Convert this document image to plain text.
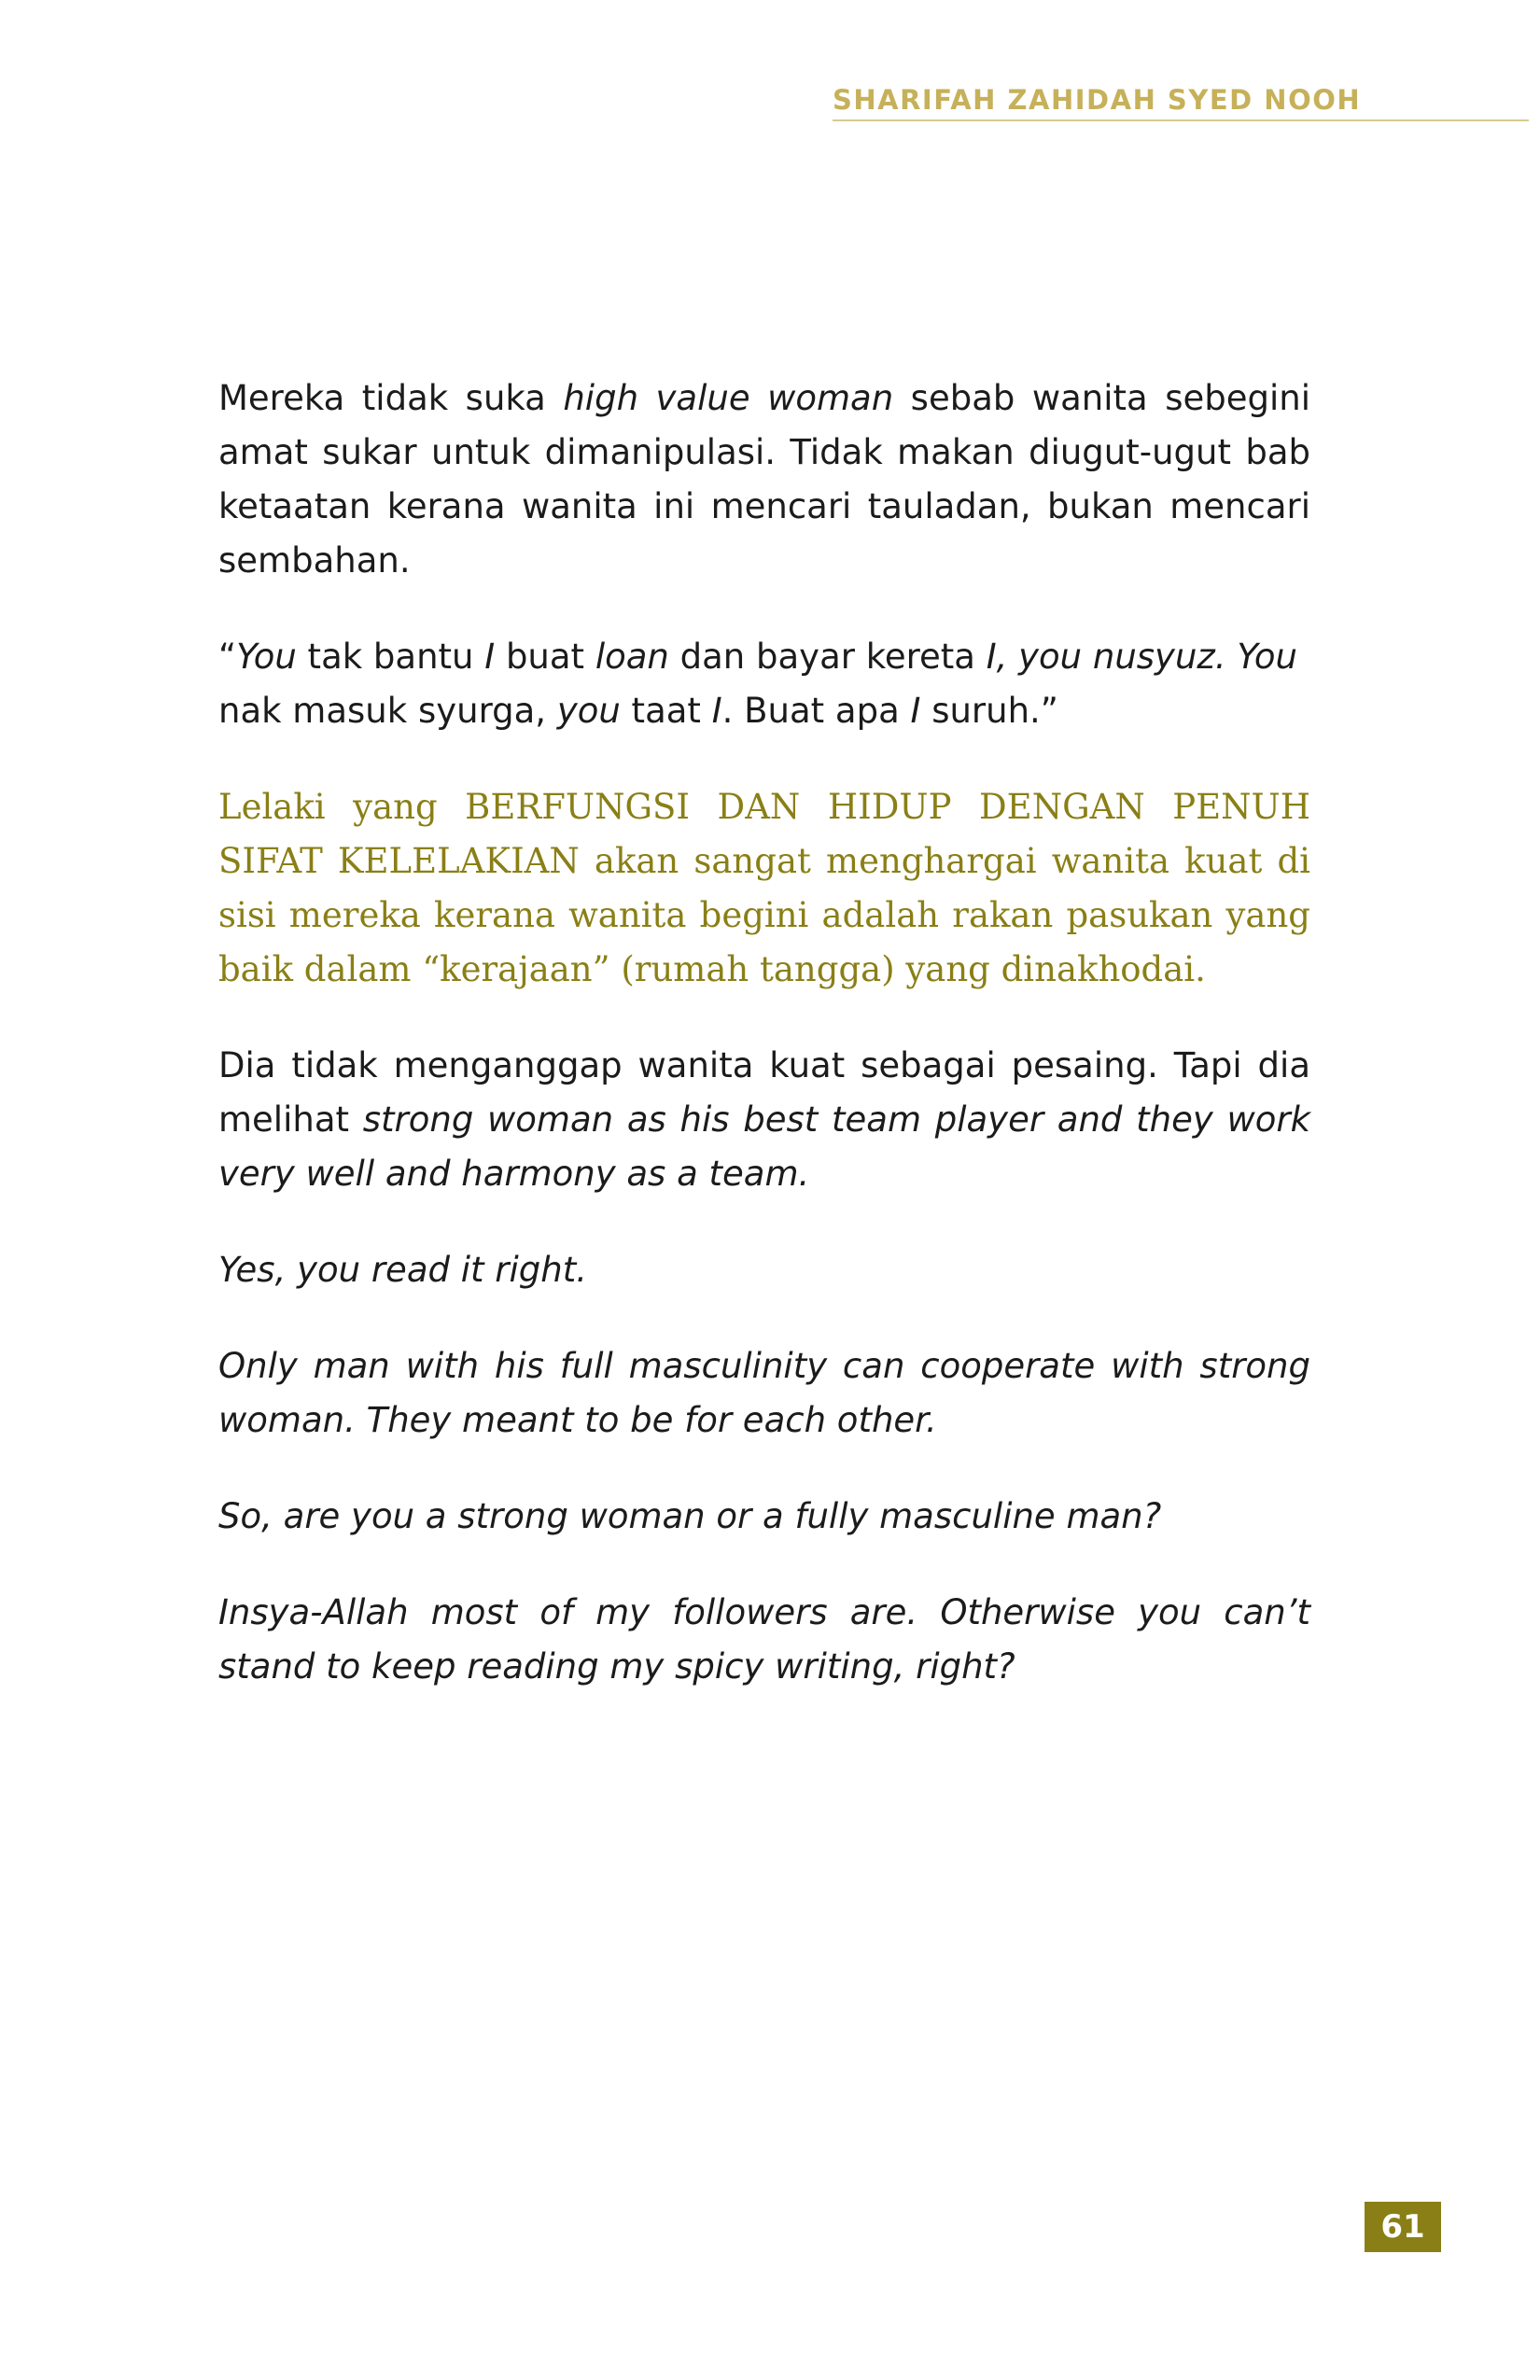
SHARIFAH ZAHIDAH SYED NOOH

Mereka tidak suka high value woman sebab wanita sebegini amat sukar untuk dimanipulasi. Tidak makan diugut-ugut bab ketaatan kerana wanita ini mencari tauladan, bukan mencari sembahan.

“You tak bantu I buat loan dan bayar kereta I, you nusyuz. You nak masuk syurga, you taat I. Buat apa I suruh.”

Lelaki yang BERFUNGSI DAN HIDUP DENGAN PENUH SIFAT KELELAKIAN akan sangat menghargai wanita kuat di sisi mereka kerana wanita begini adalah rakan pasukan yang baik dalam “kerajaan” (rumah tangga) yang dinakhodai.

Dia tidak menganggap wanita kuat sebagai pesaing. Tapi dia melihat strong woman as his best team player and they work very well and harmony as a team.

Yes, you read it right.

Only man with his full masculinity can cooperate with strong woman. They meant to be for each other.

So, are you a strong woman or a fully masculine man?

Insya-Allah most of my followers are. Otherwise you can’t stand to keep reading my spicy writing, right?

61
